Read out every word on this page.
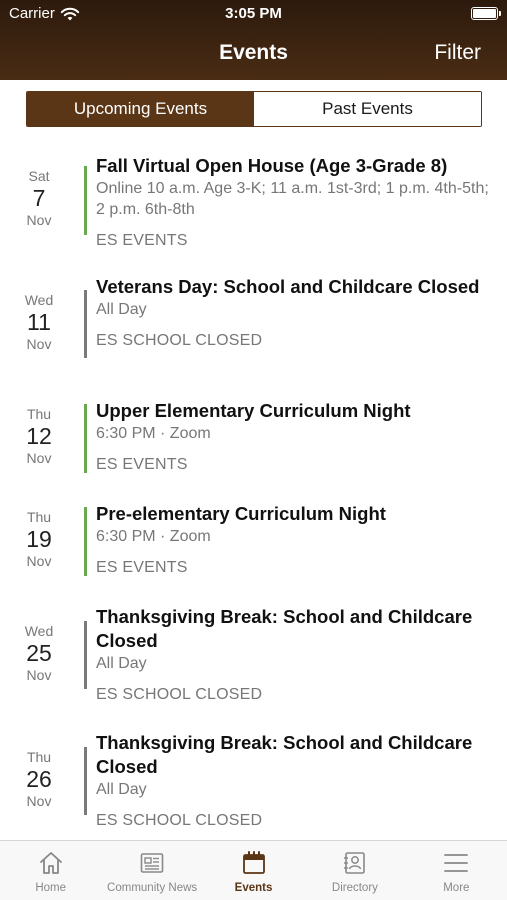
Carrier	3:05 PM
Events	Filter
Upcoming Events	Past Events
Sat
7
Nov
Fall Virtual Open House (Age 3-Grade 8)
Online 10 a.m. Age 3-K; 11 a.m. 1st-3rd; 1 p.m. 4th-5th; 2 p.m. 6th-8th
ES EVENTS
Wed
11
Nov
Veterans Day: School and Childcare Closed
All Day
ES SCHOOL CLOSED
Thu
12
Nov
Upper Elementary Curriculum Night
6:30 PM · Zoom
ES EVENTS
Thu
19
Nov
Pre-elementary Curriculum Night
6:30 PM · Zoom
ES EVENTS
Wed
25
Nov
Thanksgiving Break: School and Childcare Closed
All Day
ES SCHOOL CLOSED
Thu
26
Nov
Thanksgiving Break: School and Childcare Closed
All Day
ES SCHOOL CLOSED
Home	Community News	Events	Directory	More
